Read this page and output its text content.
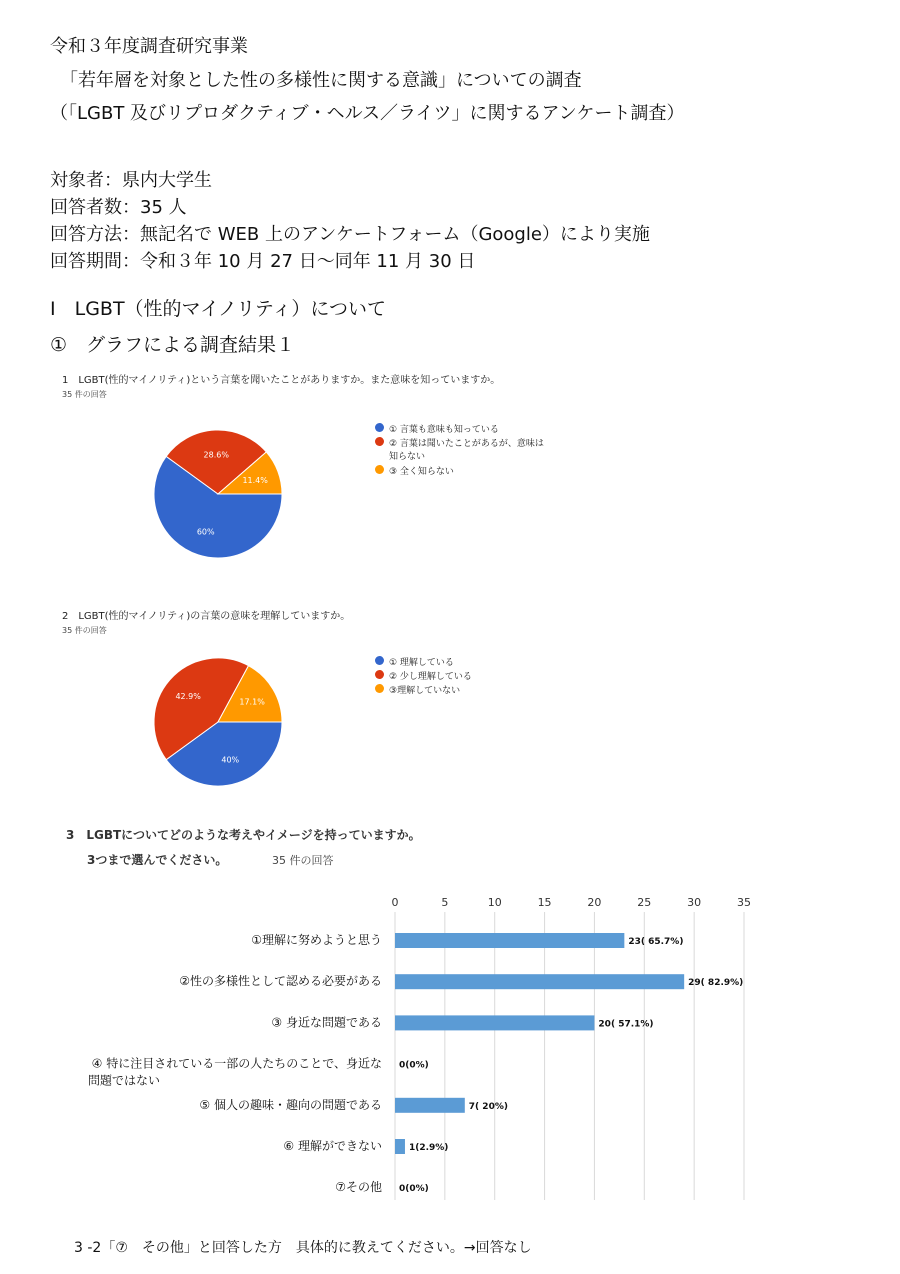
令和３年度調査研究事業
「若年層を対象とした性の多様性に関する意識」についての調査
（「LGBT 及びリプロダクティブ・ヘルス／ライツ」に関するアンケート調査）
対象者：県内大学生
回答者数：35 人
回答方法：無記名で WEB 上のアンケートフォーム（Google）により実施
回答期間：令和３年 10 月 27 日〜同年 11 月 30 日
Ⅰ　LGBT（性的マイノリティ）について
①　グラフによる調査結果１
1　LGBT(性的マイノリティ)という言葉を聞いたことがありますか。また意味を知っていますか。
35 件の回答
60%
28.6%
11.4%
① 言葉も意味も知っている
② 言葉は聞いたことがあるが、意味は
知らない
③ 全く知らない
2　LGBT(性的マイノリティ)の言葉の意味を理解していますか。
35 件の回答
40%
42.9%
17.1%
① 理解している
② 少し理解している
③理解していない
3　LGBTについてどのような考えやイメージを持っていますか。
3つまで選んでください。	35 件の回答
0	5	10	15	20	25	30	35
①理解に努めようと思う	23( 65.7%)
②性の多様性として認める必要がある	29( 82.9%)
③ 身近な問題である	20( 57.1%)
④ 特に注目されている一部の人たちのことで、身近な
問題ではない
0(0%)
⑤ 個人の趣味・趣向の問題である	7( 20%)
⑥ 理解ができない	1(2.9%)
⑦その他 0(0%)
3 -2「⑦　その他」と回答した方　具体的に教えてください。→回答なし
